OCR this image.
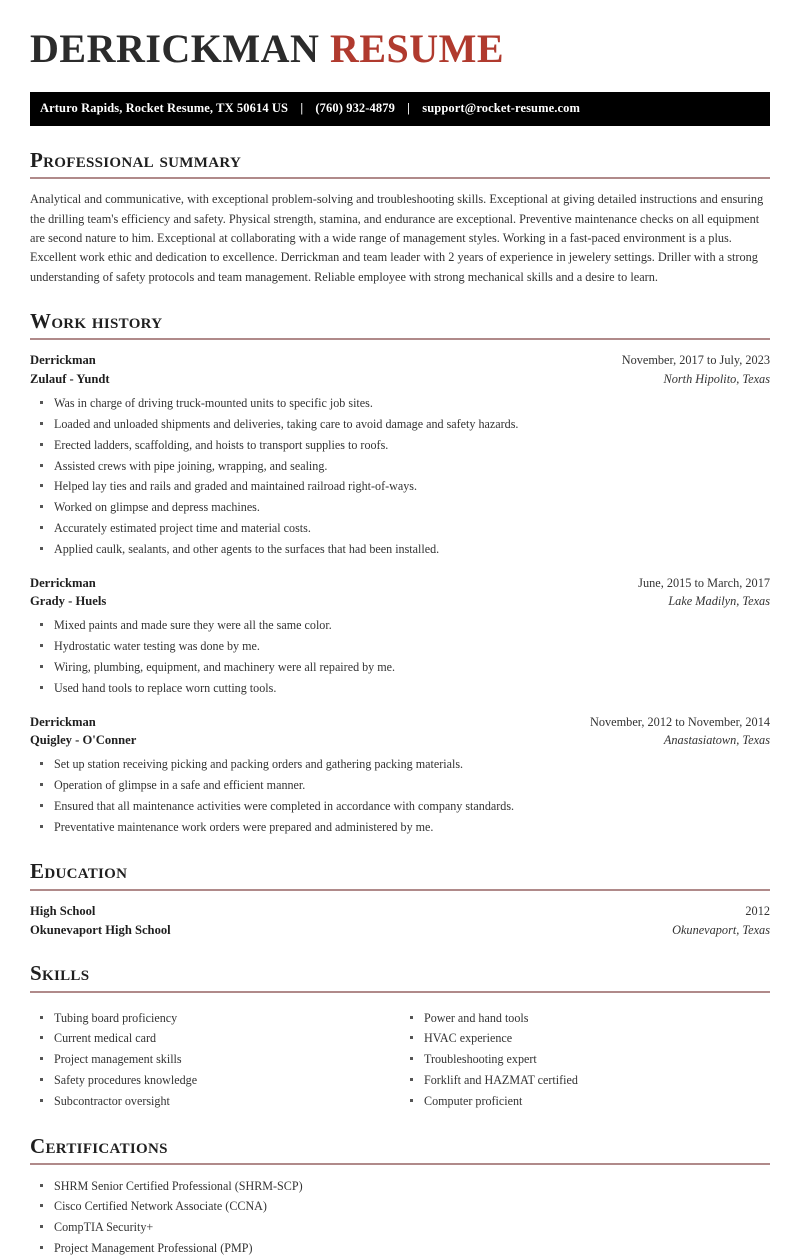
DERRICKMAN RESUME
Arturo Rapids, Rocket Resume, TX 50614 US | (760) 932-4879 | support@rocket-resume.com
Professional summary
Analytical and communicative, with exceptional problem-solving and troubleshooting skills. Exceptional at giving detailed instructions and ensuring the drilling team's efficiency and safety. Physical strength, stamina, and endurance are exceptional. Preventive maintenance checks on all equipment are second nature to him. Exceptional at collaborating with a wide range of management styles. Working in a fast-paced environment is a plus. Excellent work ethic and dedication to excellence. Derrickman and team leader with 2 years of experience in jewelery settings. Driller with a strong understanding of safety protocols and team management. Reliable employee with strong mechanical skills and a desire to learn.
Work history
Derrickman	November, 2017 to July, 2023
Zulauf - Yundt	North Hipolito, Texas
Was in charge of driving truck-mounted units to specific job sites.
Loaded and unloaded shipments and deliveries, taking care to avoid damage and safety hazards.
Erected ladders, scaffolding, and hoists to transport supplies to roofs.
Assisted crews with pipe joining, wrapping, and sealing.
Helped lay ties and rails and graded and maintained railroad right-of-ways.
Worked on glimpse and depress machines.
Accurately estimated project time and material costs.
Applied caulk, sealants, and other agents to the surfaces that had been installed.
Derrickman	June, 2015 to March, 2017
Grady - Huels	Lake Madilyn, Texas
Mixed paints and made sure they were all the same color.
Hydrostatic water testing was done by me.
Wiring, plumbing, equipment, and machinery were all repaired by me.
Used hand tools to replace worn cutting tools.
Derrickman	November, 2012 to November, 2014
Quigley - O'Conner	Anastasiatown, Texas
Set up station receiving picking and packing orders and gathering packing materials.
Operation of glimpse in a safe and efficient manner.
Ensured that all maintenance activities were completed in accordance with company standards.
Preventative maintenance work orders were prepared and administered by me.
Education
High School	2012
Okunevaport High School	Okunevaport, Texas
Skills
Tubing board proficiency
Current medical card
Project management skills
Safety procedures knowledge
Subcontractor oversight
Power and hand tools
HVAC experience
Troubleshooting expert
Forklift and HAZMAT certified
Computer proficient
Certifications
SHRM Senior Certified Professional (SHRM-SCP)
Cisco Certified Network Associate (CCNA)
CompTIA Security+
Project Management Professional (PMP)
